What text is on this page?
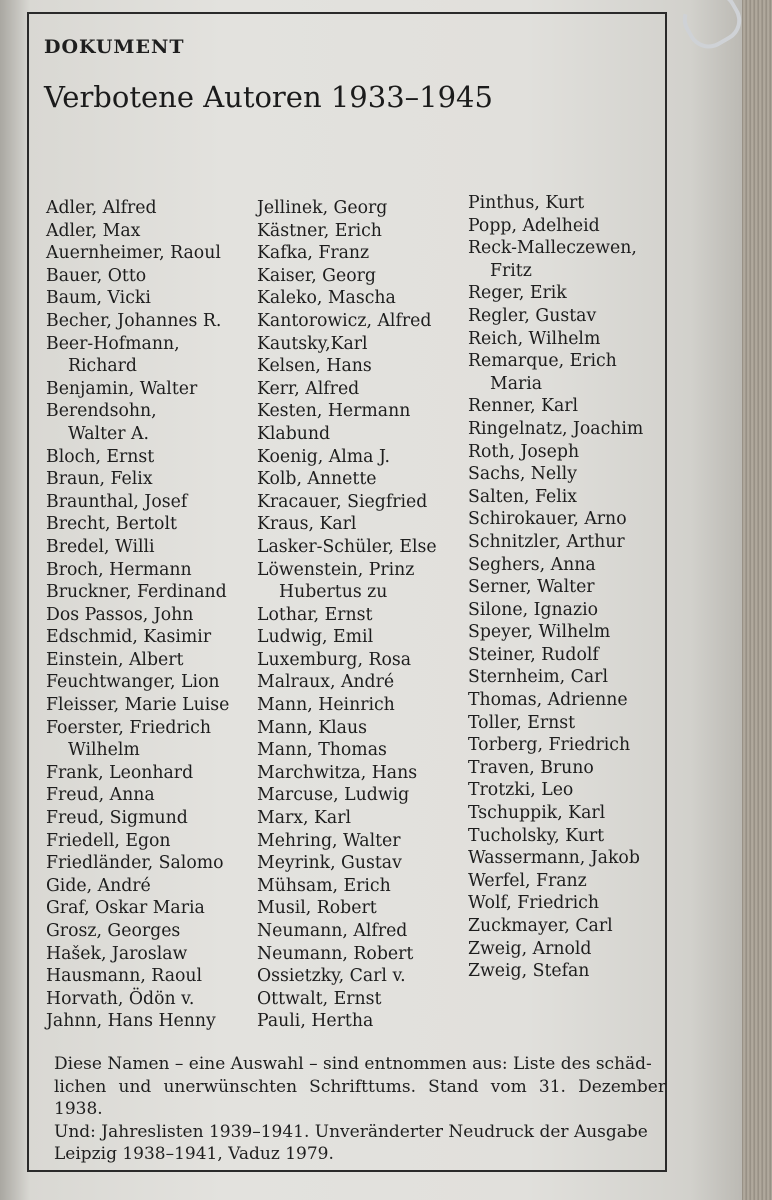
DOKUMENT
Verbotene Autoren 1933–1945
Adler, Alfred
Adler, Max
Auernheimer, Raoul
Bauer, Otto
Baum, Vicki
Becher, Johannes R.
Beer-Hofmann,
Richard
Benjamin, Walter
Berendsohn,
Walter A.
Bloch, Ernst
Braun, Felix
Braunthal, Josef
Brecht, Bertolt
Bredel, Willi
Broch, Hermann
Bruckner, Ferdinand
Dos Passos, John
Edschmid, Kasimir
Einstein, Albert
Feuchtwanger, Lion
Fleisser, Marie Luise
Foerster, Friedrich
Wilhelm
Frank, Leonhard
Freud, Anna
Freud, Sigmund
Friedell, Egon
Friedländer, Salomo
Gide, André
Graf, Oskar Maria
Grosz, Georges
Hašek, Jaroslaw
Hausmann, Raoul
Horvath, Ödön v.
Jahnn, Hans Henny
Jellinek, Georg
Kästner, Erich
Kafka, Franz
Kaiser, Georg
Kaleko, Mascha
Kantorowicz, Alfred
Kautsky,Karl
Kelsen, Hans
Kerr, Alfred
Kesten, Hermann
Klabund
Koenig, Alma J.
Kolb, Annette
Kracauer, Siegfried
Kraus, Karl
Lasker-Schüler, Else
Löwenstein, Prinz
Hubertus zu
Lothar, Ernst
Ludwig, Emil
Luxemburg, Rosa
Malraux, André
Mann, Heinrich
Mann, Klaus
Mann, Thomas
Marchwitza, Hans
Marcuse, Ludwig
Marx, Karl
Mehring, Walter
Meyrink, Gustav
Mühsam, Erich
Musil, Robert
Neumann, Alfred
Neumann, Robert
Ossietzky, Carl v.
Ottwalt, Ernst
Pauli, Hertha
Pinthus, Kurt
Popp, Adelheid
Reck-Malleczewen,
Fritz
Reger, Erik
Regler, Gustav
Reich, Wilhelm
Remarque, Erich
Maria
Renner, Karl
Ringelnatz, Joachim
Roth, Joseph
Sachs, Nelly
Salten, Felix
Schirokauer, Arno
Schnitzler, Arthur
Seghers, Anna
Serner, Walter
Silone, Ignazio
Speyer, Wilhelm
Steiner, Rudolf
Sternheim, Carl
Thomas, Adrienne
Toller, Ernst
Torberg, Friedrich
Traven, Bruno
Trotzki, Leo
Tschuppik, Karl
Tucholsky, Kurt
Wassermann, Jakob
Werfel, Franz
Wolf, Friedrich
Zuckmayer, Carl
Zweig, Arnold
Zweig, Stefan
Diese Namen – eine Auswahl – sind entnommen aus: Liste des schäd-
lichen und unerwünschten Schrifttums. Stand vom 31. Dezember 1938.
Und: Jahreslisten 1939–1941. Unveränderter Neudruck der Ausgabe
Leipzig 1938–1941, Vaduz 1979.
